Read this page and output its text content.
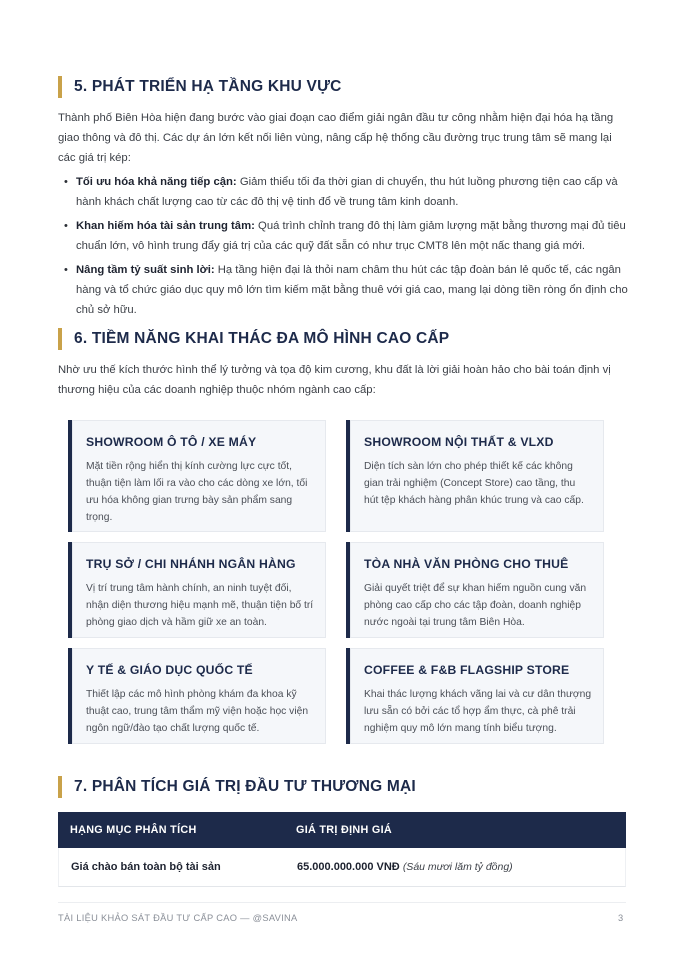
5. PHÁT TRIỂN HẠ TẦNG KHU VỰC
Thành phố Biên Hòa hiện đang bước vào giai đoạn cao điểm giải ngân đầu tư công nhằm hiện đại hóa hạ tầng giao thông và đô thị. Các dự án lớn kết nối liên vùng, nâng cấp hệ thống cầu đường trục trung tâm sẽ mang lại các giá trị kép:
• Tối ưu hóa khả năng tiếp cận: Giảm thiểu tối đa thời gian di chuyển, thu hút luồng phương tiện cao cấp và hành khách chất lượng cao từ các đô thị vệ tinh đổ về trung tâm kinh doanh.
• Khan hiếm hóa tài sản trung tâm: Quá trình chỉnh trang đô thị làm giảm lượng mặt bằng thương mại đủ tiêu chuẩn lớn, vô hình trung đẩy giá trị của các quỹ đất sẵn có như trục CMT8 lên một nấc thang giá mới.
• Nâng tầm tỷ suất sinh lời: Hạ tầng hiện đại là thỏi nam châm thu hút các tập đoàn bán lẻ quốc tế, các ngân hàng và tổ chức giáo dục quy mô lớn tìm kiếm mặt bằng thuê với giá cao, mang lại dòng tiền ròng ổn định cho chủ sở hữu.
6. TIỀM NĂNG KHAI THÁC ĐA MÔ HÌNH CAO CẤP
Nhờ ưu thế kích thước hình thể lý tưởng và tọa độ kim cương, khu đất là lời giải hoàn hảo cho bài toán định vị thương hiệu của các doanh nghiệp thuộc nhóm ngành cao cấp:
SHOWROOM Ô TÔ / XE MÁY
Mặt tiền rộng hiển thị kính cường lực cực tốt, thuận tiện làm lối ra vào cho các dòng xe lớn, tối ưu hóa không gian trưng bày sản phẩm sang trọng.
SHOWROOM NỘI THẤT & VLXD
Diện tích sàn lớn cho phép thiết kế các không gian trải nghiệm (Concept Store) cao tầng, thu hút tệp khách hàng phân khúc trung và cao cấp.
TRỤ SỞ / CHI NHÁNH NGÂN HÀNG
Vị trí trung tâm hành chính, an ninh tuyệt đối, nhận diện thương hiệu mạnh mẽ, thuận tiện bố trí phòng giao dịch và hầm giữ xe an toàn.
TÒA NHÀ VĂN PHÒNG CHO THUÊ
Giải quyết triệt để sự khan hiếm nguồn cung văn phòng cao cấp cho các tập đoàn, doanh nghiệp nước ngoài tại trung tâm Biên Hòa.
Y TẾ & GIÁO DỤC QUỐC TẾ
Thiết lập các mô hình phòng khám đa khoa kỹ thuật cao, trung tâm thẩm mỹ viện hoặc học viện ngôn ngữ/đào tạo chất lượng quốc tế.
COFFEE & F&B FLAGSHIP STORE
Khai thác lượng khách vãng lai và cư dân thượng lưu sẵn có bởi các tổ hợp ẩm thực, cà phê trải nghiệm quy mô lớn mang tính biểu tượng.
7. PHÂN TÍCH GIÁ TRỊ ĐẦU TƯ THƯƠNG MẠI
HẠNG MỤC PHÂN TÍCH	GIÁ TRỊ ĐỊNH GIÁ
Giá chào bán toàn bộ tài sản	65.000.000.000 VNĐ (Sáu mươi lăm tỷ đồng)
TÀI LIỆU KHẢO SÁT ĐẦU TƯ CẤP CAO — @SAVINA	3
